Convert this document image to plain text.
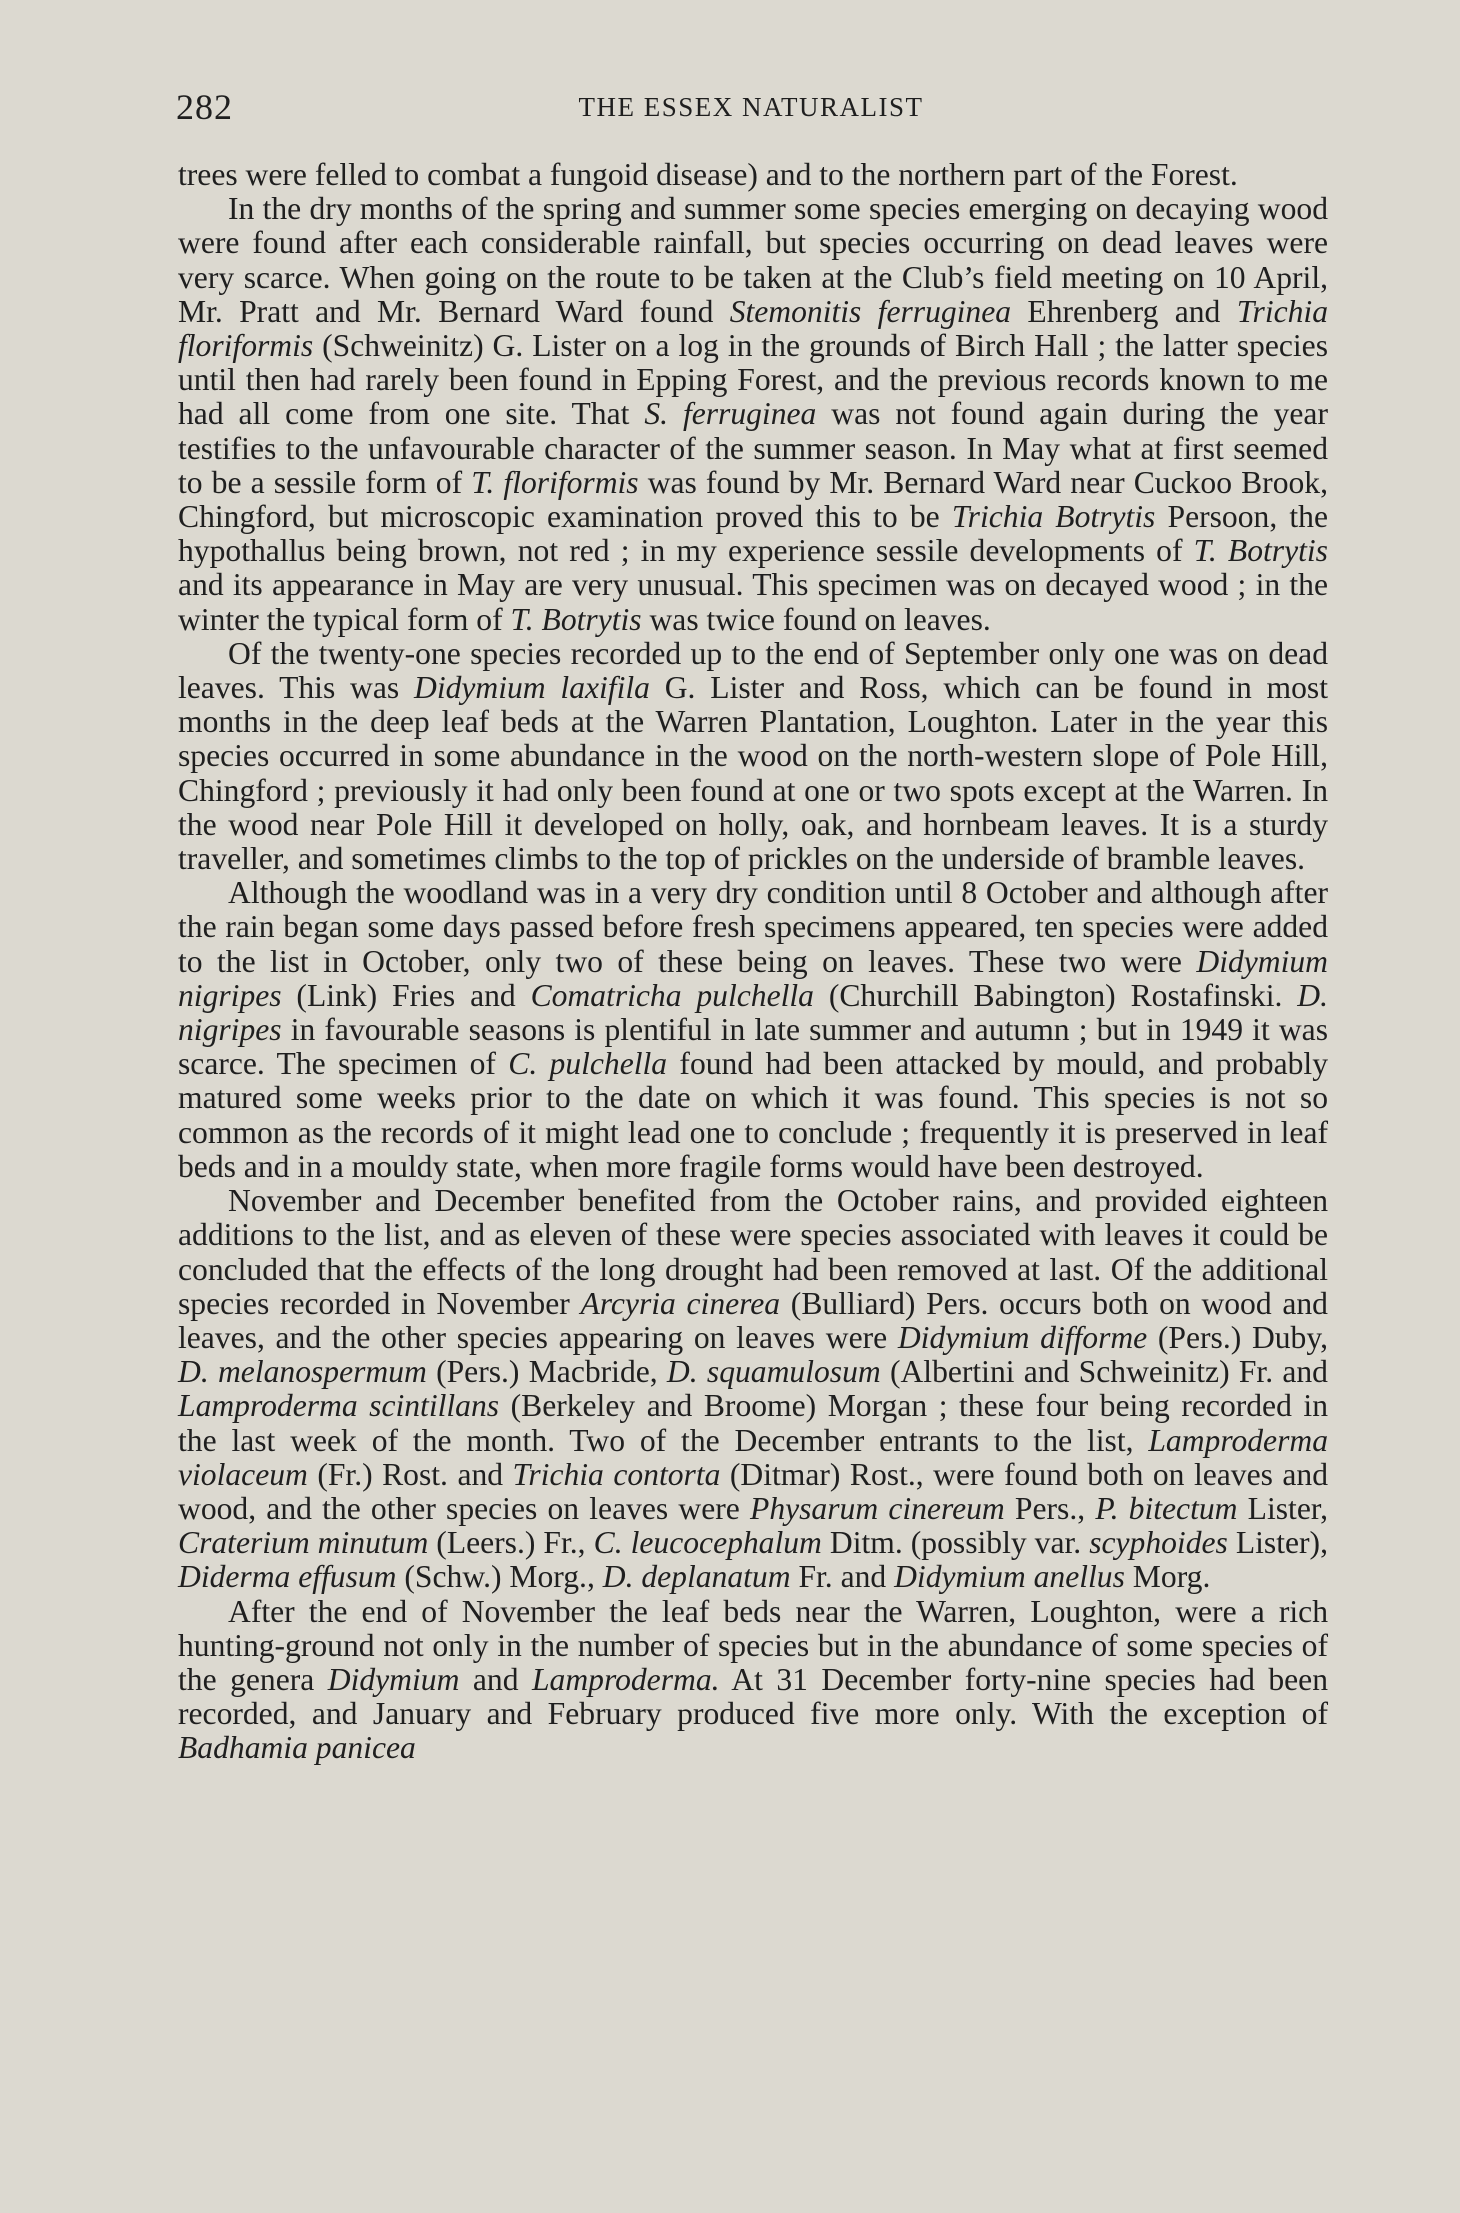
282	THE ESSEX NATURALIST

trees were felled to combat a fungoid disease) and to the northern part of the Forest.

In the dry months of the spring and summer some species emerging on decaying wood were found after each considerable rainfall, but species occurring on dead leaves were very scarce. When going on the route to be taken at the Club’s field meeting on 10 April, Mr. Pratt and Mr. Bernard Ward found Stemonitis ferruginea Ehrenberg and Trichia floriformis (Schweinitz) G. Lister on a log in the grounds of Birch Hall ; the latter species until then had rarely been found in Epping Forest, and the previous records known to me had all come from one site. That S. ferruginea was not found again during the year testifies to the unfavourable character of the summer season. In May what at first seemed to be a sessile form of T. floriformis was found by Mr. Bernard Ward near Cuckoo Brook, Chingford, but microscopic examination proved this to be Trichia Botrytis Persoon, the hypothallus being brown, not red ; in my experience sessile developments of T. Botrytis and its appearance in May are very unusual. This specimen was on decayed wood ; in the winter the typical form of T. Botrytis was twice found on leaves.

Of the twenty-one species recorded up to the end of September only one was on dead leaves. This was Didymium laxifila G. Lister and Ross, which can be found in most months in the deep leaf beds at the Warren Plantation, Loughton. Later in the year this species occurred in some abundance in the wood on the north-western slope of Pole Hill, Chingford ; previously it had only been found at one or two spots except at the Warren. In the wood near Pole Hill it developed on holly, oak, and hornbeam leaves. It is a sturdy traveller, and sometimes climbs to the top of prickles on the underside of bramble leaves.

Although the woodland was in a very dry condition until 8 October and although after the rain began some days passed before fresh specimens appeared, ten species were added to the list in October, only two of these being on leaves. These two were Didymium nigripes (Link) Fries and Comatricha pulchella (Churchill Babington) Rostafinski. D. nigripes in favourable seasons is plentiful in late summer and autumn ; but in 1949 it was scarce. The specimen of C. pulchella found had been attacked by mould, and probably matured some weeks prior to the date on which it was found. This species is not so common as the records of it might lead one to conclude ; frequently it is preserved in leaf beds and in a mouldy state, when more fragile forms would have been destroyed.

November and December benefited from the October rains, and provided eighteen additions to the list, and as eleven of these were species associated with leaves it could be concluded that the effects of the long drought had been removed at last. Of the additional species recorded in November Arcyria cinerea (Bulliard) Pers. occurs both on wood and leaves, and the other species appearing on leaves were Didymium difforme (Pers.) Duby, D. melanospermum (Pers.) Macbride, D. squamulosum (Albertini and Schweinitz) Fr. and Lamproderma scintillans (Berkeley and Broome) Morgan ; these four being recorded in the last week of the month. Two of the December entrants to the list, Lamproderma violaceum (Fr.) Rost. and Trichia contorta (Ditmar) Rost., were found both on leaves and wood, and the other species on leaves were Physarum cinereum Pers., P. bitectum Lister, Craterium minutum (Leers.) Fr., C. leucocephalum Ditm. (possibly var. scyphoides Lister), Diderma effusum (Schw.) Morg., D. deplanatum Fr. and Didymium anellus Morg.

After the end of November the leaf beds near the Warren, Loughton, were a rich hunting-ground not only in the number of species but in the abundance of some species of the genera Didymium and Lamproderma. At 31 December forty-nine species had been recorded, and January and February produced five more only. With the exception of Badhamia panicea
